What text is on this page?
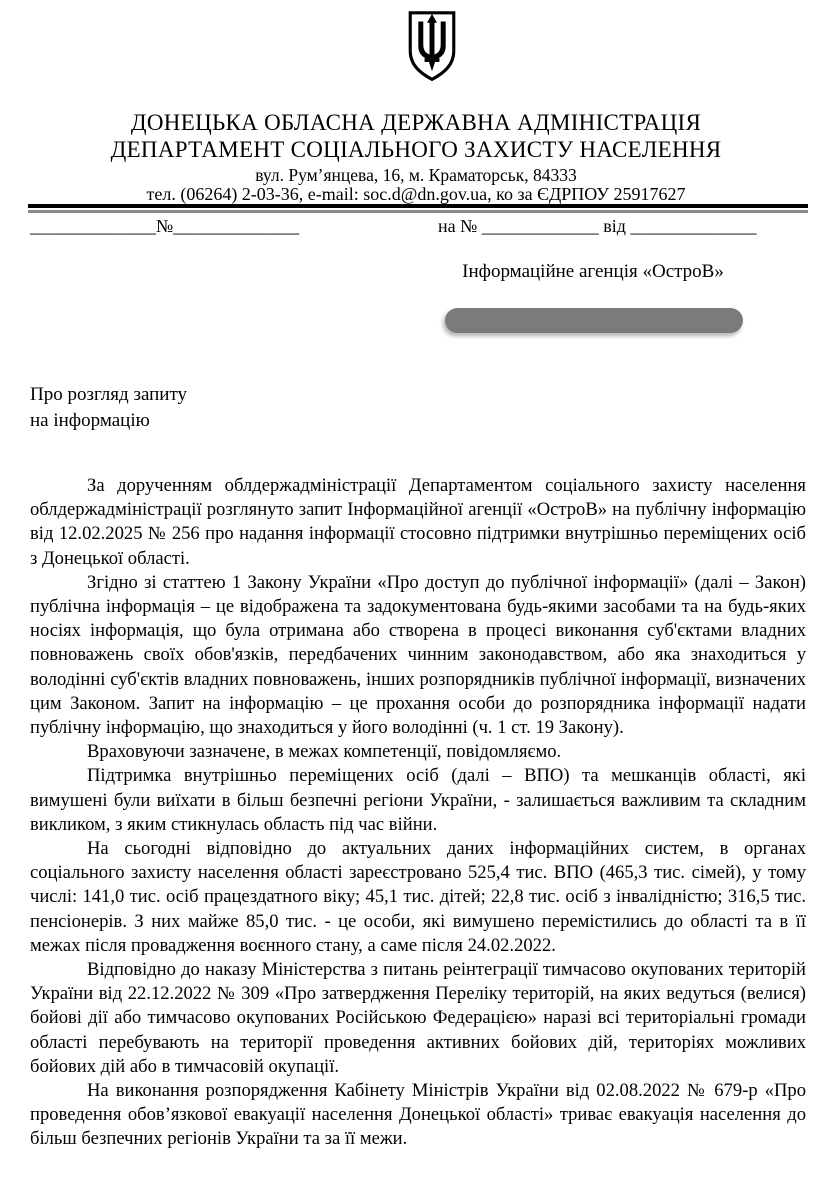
ДОНЕЦЬКА ОБЛАСНА ДЕРЖАВНА АДМІНІСТРАЦІЯ
ДЕПАРТАМЕНТ СОЦІАЛЬНОГО ЗАХИСТУ НАСЕЛЕННЯ
вул. Рум’янцева, 16, м. Краматорськ, 84333
тел. (06264) 2-03-36, e-mail: soc.d@dn.gov.ua, ко за ЄДРПОУ 25917627
______________№______________	на № _____________ від ______________
Інформаційне агенція «ОстроВ»
Про розгляд запиту
на інформацію

За дорученням облдержадміністрації Департаментом соціального захисту населення облдержадміністрації розглянуто запит Інформаційної агенції «ОстроВ» на публічну інформацію від 12.02.2025 № 256 про надання інформації стосовно підтримки внутрішньо переміщених осіб з Донецької області.

Згідно зі статтею 1 Закону України «Про доступ до публічної інформації» (далі – Закон) публічна інформація – це відображена та задокументована будь-якими засобами та на будь-яких носіях інформація, що була отримана або створена в процесі виконання суб'єктами владних повноважень своїх обов'язків, передбачених чинним законодавством, або яка знаходиться у володінні суб'єктів владних повноважень, інших розпорядників публічної інформації, визначених цим Законом. Запит на інформацію – це прохання особи до розпорядника інформації надати публічну інформацію, що знаходиться у його володінні (ч. 1 ст. 19 Закону).

Враховуючи зазначене, в межах компетенції, повідомляємо.

Підтримка внутрішньо переміщених осіб (далі – ВПО) та мешканців області, які вимушені були виїхати в більш безпечні регіони України, - залишається важливим та складним викликом, з яким стикнулась область під час війни.

На сьогодні відповідно до актуальних даних інформаційних систем, в органах соціального захисту населення області зареєстровано 525,4 тис. ВПО (465,3 тис. сімей), у тому числі: 141,0 тис. осіб працездатного віку; 45,1 тис. дітей; 22,8 тис. осіб з інвалідністю; 316,5 тис. пенсіонерів. З них майже 85,0 тис. - це особи, які вимушено перемістились до області та в її межах після провадження воєнного стану, а саме після 24.02.2022.

Відповідно до наказу Міністерства з питань реінтеграції тимчасово окупованих територій України від 22.12.2022 № 309 «Про затвердження Переліку територій, на яких ведуться (велися) бойові дії або тимчасово окупованих Російською Федерацією» наразі всі територіальні громади області перебувають на території проведення активних бойових дій, територіях можливих бойових дій або в тимчасовій окупації.

На виконання розпорядження Кабінету Міністрів України від 02.08.2022 № 679-р «Про проведення обов’язкової евакуації населення Донецької області» триває евакуація населення до більш безпечних регіонів України та за її межи.
